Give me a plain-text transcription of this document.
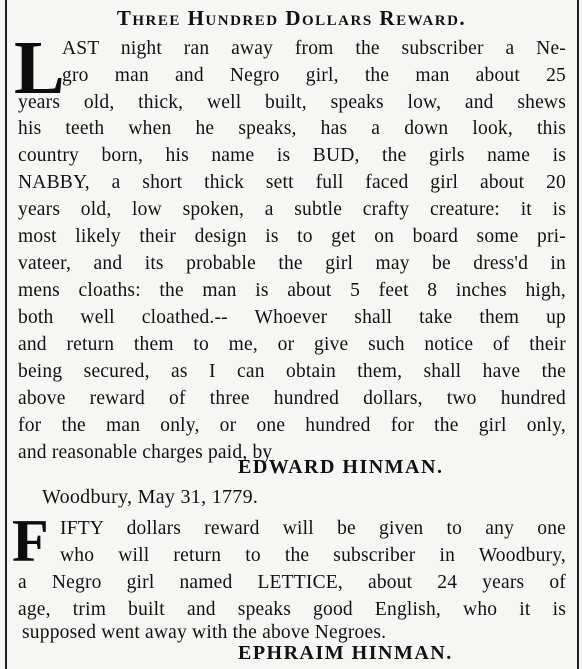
Three Hundred Dollars Reward.
L
AST night ran away from the subscriber a Ne-
gro man and Negro girl, the man about 25
years old, thick, well built, speaks low, and shews
his teeth when he speaks, has a down look, this
country born, his name is BUD, the girls name is
NABBY, a short thick sett full faced girl about 20
years old, low spoken, a subtle crafty creature: it is
most likely their design is to get on board some pri-
vateer, and its probable the girl may be dress'd in
mens cloaths: the man is about 5 feet 8 inches high,
both well cloathed.-- Whoever shall take them up
and return them to me, or give such notice of their
being secured, as I can obtain them, shall have the
above reward of three hundred dollars, two hundred
for the man only, or one hundred for the girl only,
and reasonable charges paid, by
EDWARD HINMAN.
Woodbury, May 31, 1779.
F IFTY dollars reward will be given to any one
who will return to the subscriber in Woodbury,
a Negro girl named LETTICE, about 24 years of
age, trim built and speaks good English, who it is
supposed went away with the above Negroes.
EPHRAIM HINMAN.
